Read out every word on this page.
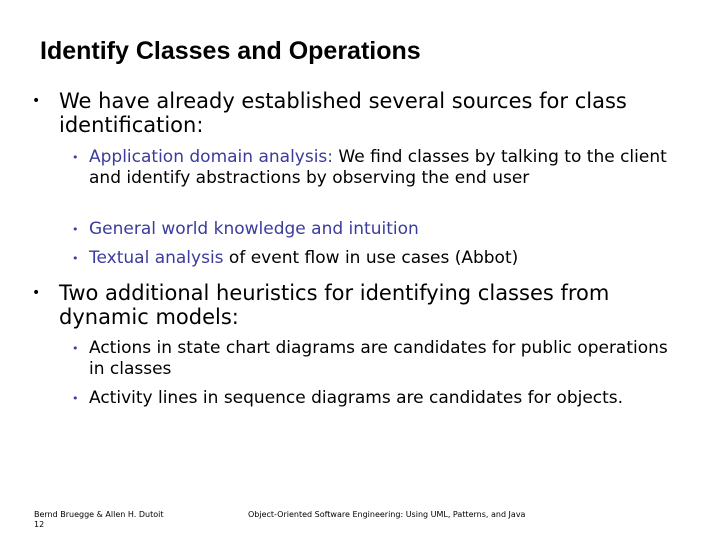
Identify Classes and Operations
• We have already established several sources for class identification:
• Application domain analysis: We find classes by talking to the client and identify abstractions by observing the end user
• General world knowledge and intuition
• Textual analysis of event flow in use cases (Abbot)
• Two additional heuristics for identifying classes from dynamic models:
• Actions in state chart diagrams are candidates for public operations in classes
• Activity lines in sequence diagrams are candidates for objects.
Bernd Bruegge & Allen H. Dutoit
12
Object-Oriented Software Engineering: Using UML, Patterns, and Java
